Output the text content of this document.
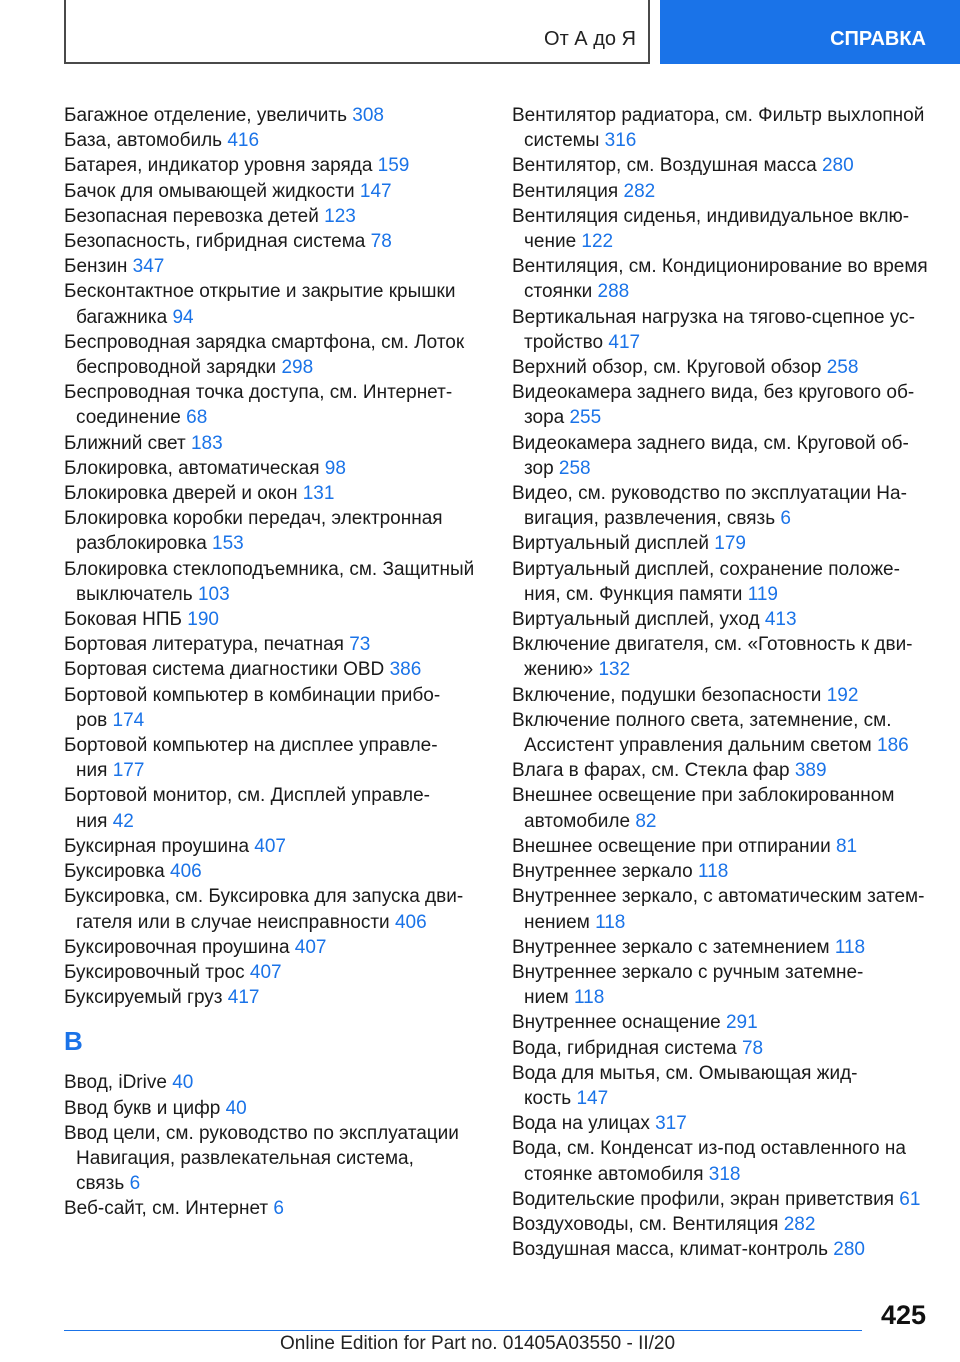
От А до Я	СПРАВКА
Багажное отделение, увеличить 308
База, автомобиль 416
Батарея, индикатор уровня заряда 159
Бачок для омывающей жидкости 147
Безопасная перевозка детей 123
Безопасность, гибридная система 78
Бензин 347
Бесконтактное открытие и закрытие крышки
багажника 94
Беспроводная зарядка смартфона, см. Лоток
беспроводной зарядки 298
Беспроводная точка доступа, см. Интернет-
соединение 68
Ближний свет 183
Блокировка, автоматическая 98
Блокировка дверей и окон 131
Блокировка коробки передач, электронная
разблокировка 153
Блокировка стеклоподъемника, см. Защитный
выключатель 103
Боковая НПБ 190
Бортовая литература, печатная 73
Бортовая система диагностики OBD 386
Бортовой компьютер в комбинации прибо-
ров 174
Бортовой компьютер на дисплее управле-
ния 177
Бортовой монитор, см. Дисплей управле-
ния 42
Буксирная проушина 407
Буксировка 406
Буксировка, см. Буксировка для запуска дви-
гателя или в случае неисправности 406
Буксировочная проушина 407
Буксировочный трос 407
Буксируемый груз 417
В
Ввод, iDrive 40
Ввод букв и цифр 40
Ввод цели, см. руководство по эксплуатации
Навигация, развлекательная система,
связь 6
Веб-сайт, см. Интернет 6
Вентилятор радиатора, см. Фильтр выхлопной
системы 316
Вентилятор, см. Воздушная масса 280
Вентиляция 282
Вентиляция сиденья, индивидуальное вклю-
чение 122
Вентиляция, см. Кондиционирование во время
стоянки 288
Вертикальная нагрузка на тягово-сцепное ус-
тройство 417
Верхний обзор, см. Круговой обзор 258
Видеокамера заднего вида, без кругового об-
зора 255
Видеокамера заднего вида, см. Круговой об-
зор 258
Видео, см. руководство по эксплуатации На-
вигация, развлечения, связь 6
Виртуальный дисплей 179
Виртуальный дисплей, сохранение положе-
ния, см. Функция памяти 119
Виртуальный дисплей, уход 413
Включение двигателя, см. «Готовность к дви-
жению» 132
Включение, подушки безопасности 192
Включение полного света, затемнение, см.
Ассистент управления дальним светом 186
Влага в фарах, см. Стекла фар 389
Внешнее освещение при заблокированном
автомобиле 82
Внешнее освещение при отпирании 81
Внутреннее зеркало 118
Внутреннее зеркало, с автоматическим затем-
нением 118
Внутреннее зеркало с затемнением 118
Внутреннее зеркало с ручным затемне-
нием 118
Внутреннее оснащение 291
Вода, гибридная система 78
Вода для мытья, см. Омывающая жид-
кость 147
Вода на улицах 317
Вода, см. Конденсат из-под оставленного на
стоянке автомобиля 318
Водительские профили, экран приветствия 61
Воздуховоды, см. Вентиляция 282
Воздушная масса, климат-контроль 280
425
Online Edition for Part no. 01405A03550 - II/20
